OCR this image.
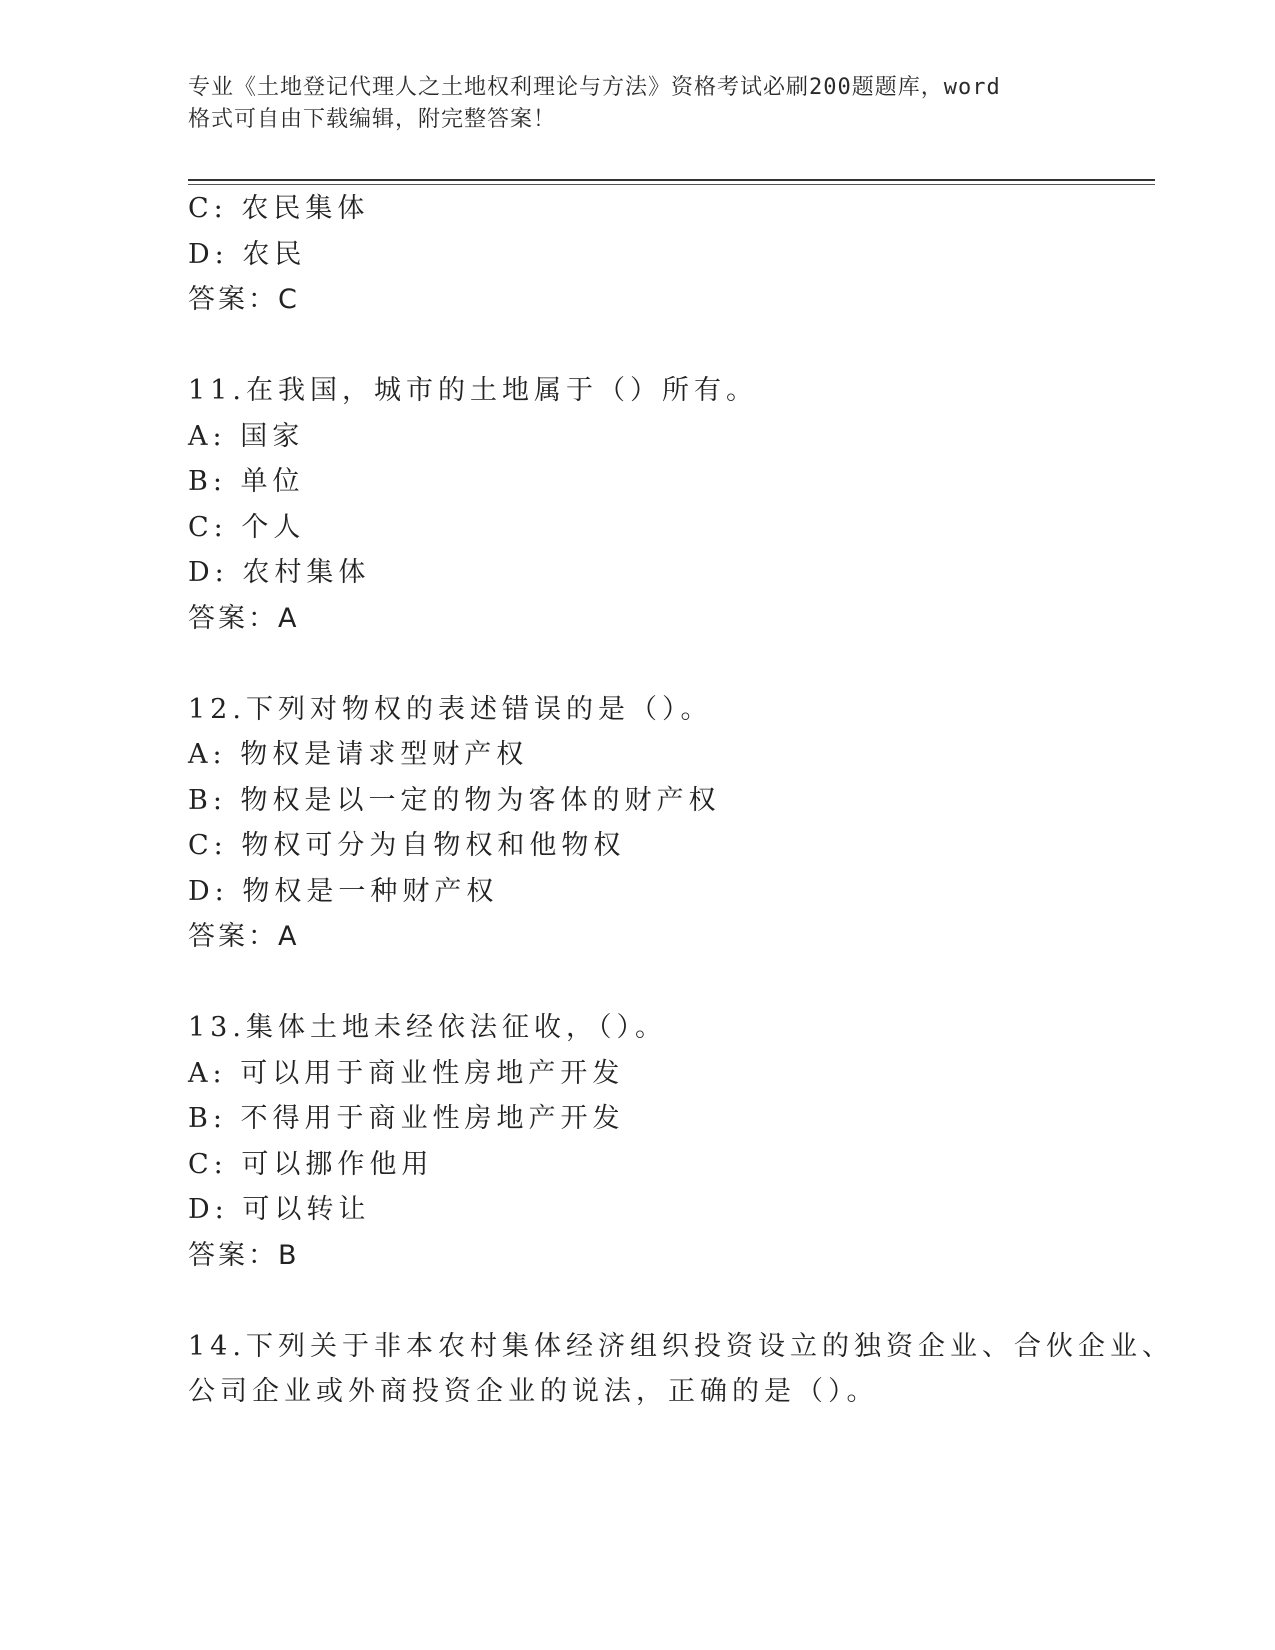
专业《土地登记代理人之土地权利理论与方法》资格考试必刷200题题库，word
格式可自由下载编辑，附完整答案！
C: 农民集体
D: 农民
答案：C
11.在我国，城市的土地属于（）所有。
A: 国家
B: 单位
C: 个人
D: 农村集体
答案：A
12.下列对物权的表述错误的是（）。
A: 物权是请求型财产权
B: 物权是以一定的物为客体的财产权
C: 物权可分为自物权和他物权
D: 物权是一种财产权
答案：A
13.集体土地未经依法征收，（）。
A: 可以用于商业性房地产开发
B: 不得用于商业性房地产开发
C: 可以挪作他用
D: 可以转让
答案：B
14.下列关于非本农村集体经济组织投资设立的独资企业、合伙企业、
公司企业或外商投资企业的说法，正确的是（）。
